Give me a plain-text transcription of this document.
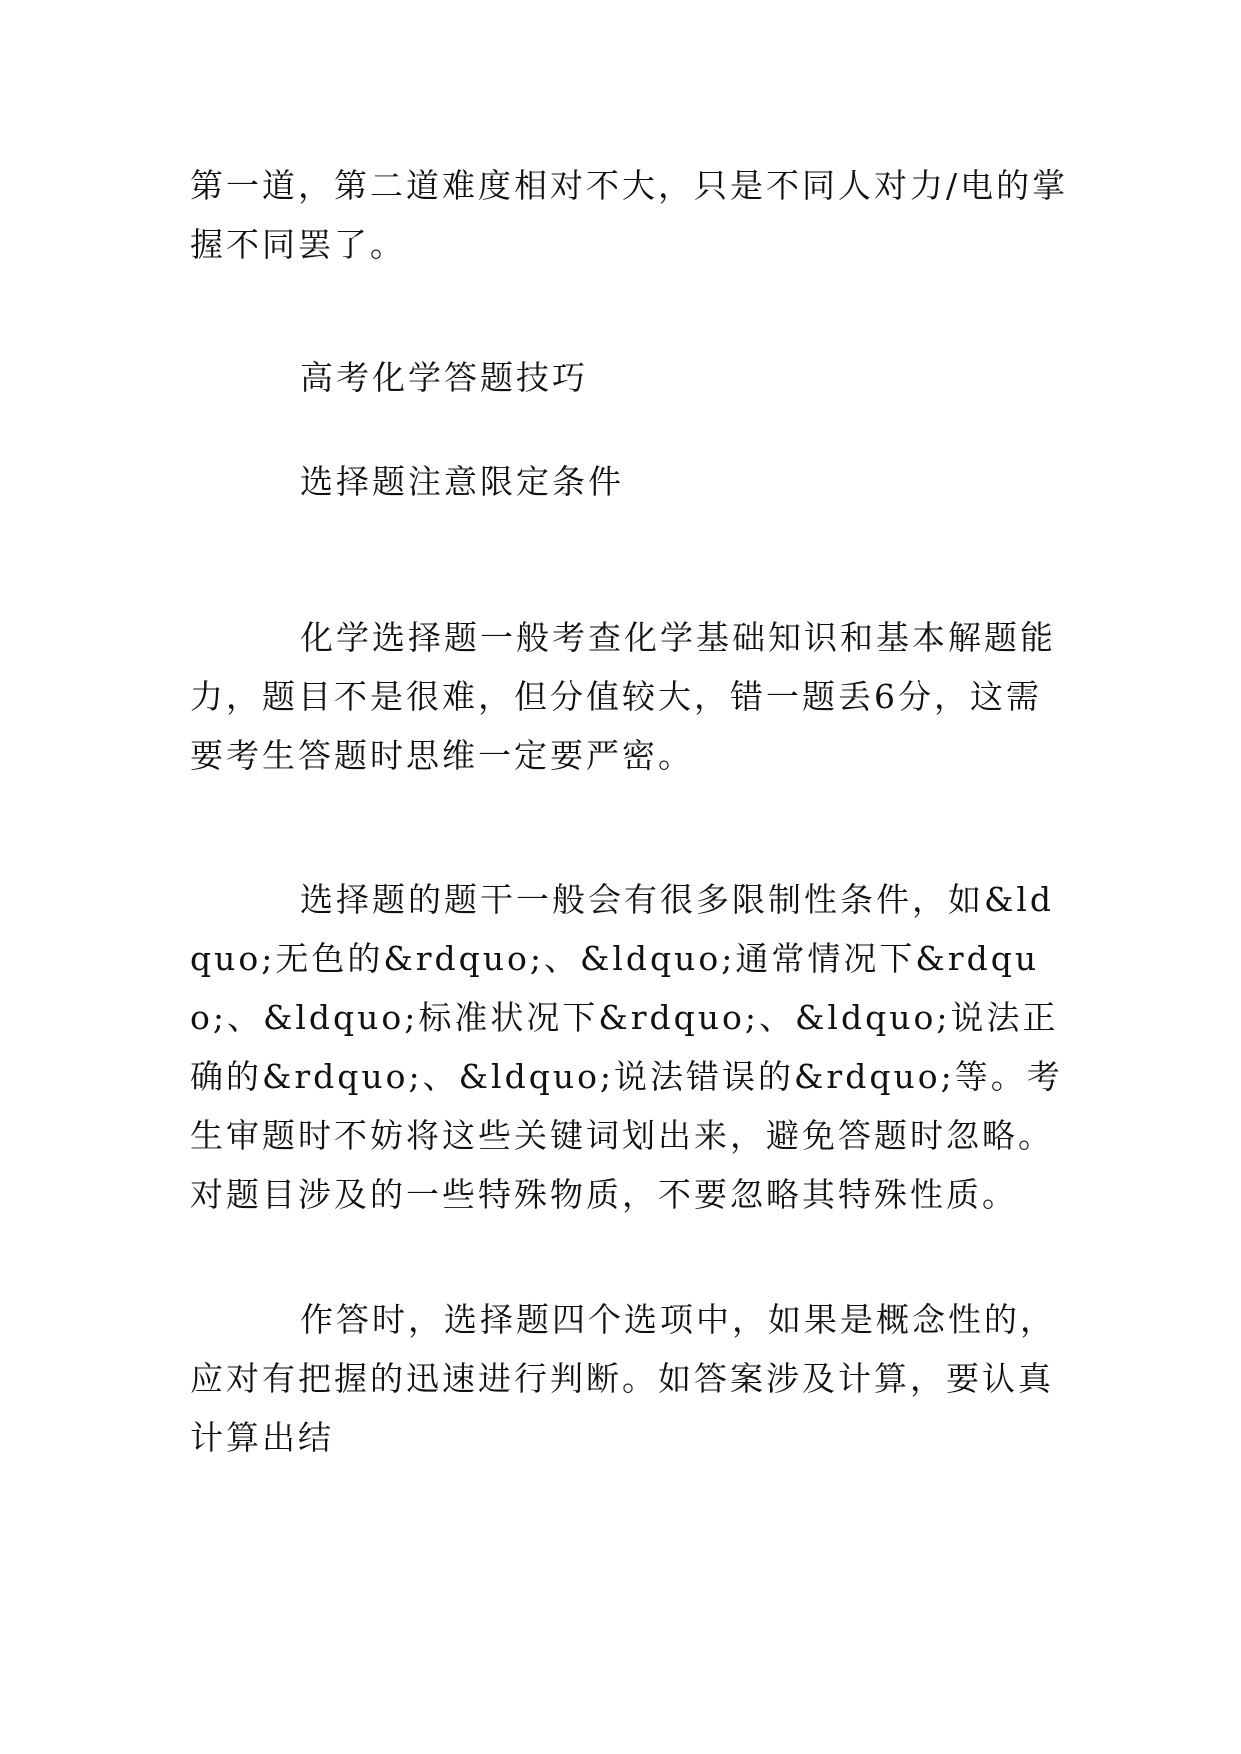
第一道，第二道难度相对不大，只是不同人对力/电的掌握不同罢了。

高考化学答题技巧

选择题注意限定条件

化学选择题一般考查化学基础知识和基本解题能力，题目不是很难，但分值较大，错一题丢6分，这需要考生答题时思维一定要严密。

选择题的题干一般会有很多限制性条件，如&ldquo;无色的&rdquo;、&ldquo;通常情况下&rdquo;、&ldquo;标准状况下&rdquo;、&ldquo;说法正确的&rdquo;、&ldquo;说法错误的&rdquo;等。考生审题时不妨将这些关键词划出来，避免答题时忽略。对题目涉及的一些特殊物质，不要忽略其特殊性质。

作答时，选择题四个选项中，如果是概念性的，应对有把握的迅速进行判断。如答案涉及计算，要认真计算出结
